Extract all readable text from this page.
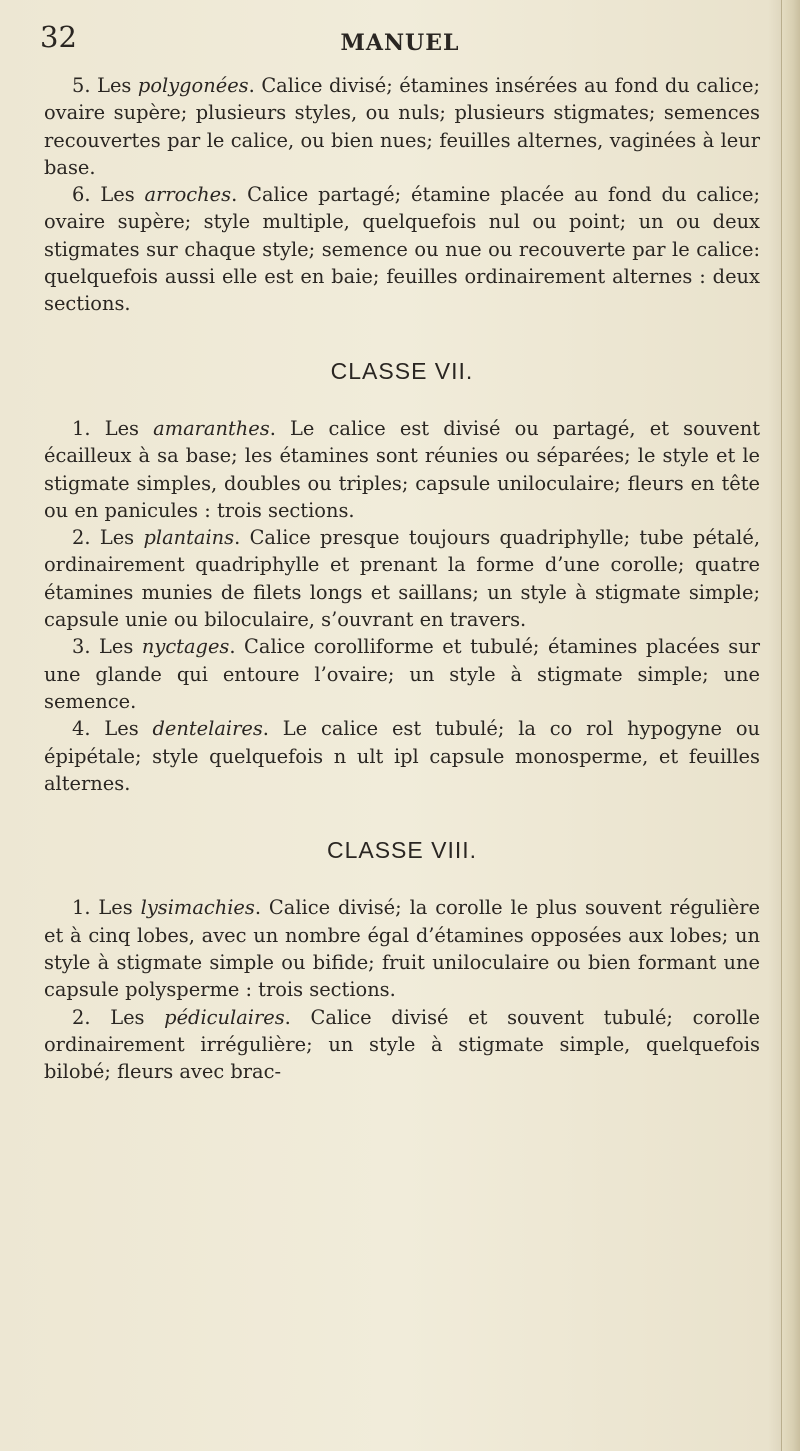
32	MANUEL

5. Les polygonées. Calice divisé; étamines insérées au fond du calice; ovaire supère; plusieurs styles, ou nuls; plusieurs stigmates; semences recouvertes par le calice, ou bien nues; feuilles alternes, vaginées à leur base.

6. Les arroches. Calice partagé; étamine placée au fond du calice; ovaire supère; style multiple, quelquefois nul ou point; un ou deux stigmates sur chaque style; semence ou nue ou recouverte par le calice: quelquefois aussi elle est en baie; feuilles ordinairement alternes : deux sections.

CLASSE VII.

1. Les amaranthes. Le calice est divisé ou partagé, et souvent écailleux à sa base; les étamines sont réunies ou séparées; le style et le stigmate simples, doubles ou triples; capsule uniloculaire; fleurs en tête ou en panicules : trois sections.

2. Les plantains. Calice presque toujours quadriphylle; tube pétalé, ordinairement quadriphylle et prenant la forme d’une corolle; quatre étamines munies de filets longs et saillans; un style à stigmate simple; capsule unie ou biloculaire, s’ouvrant en travers.

3. Les nyctages. Calice corolliforme et tubulé; étamines placées sur une glande qui entoure l’ovaire; un style à stigmate simple; une semence.

4. Les dentelaires. Le calice est tubulé; la co rol hypogyne ou épipétale; style quelquefois n ult ipl capsule monosperme, et feuilles alternes.

CLASSE VIII.

1. Les lysimachies. Calice divisé; la corolle le plus souvent régulière et à cinq lobes, avec un nombre égal d’étamines opposées aux lobes; un style à stigmate simple ou bifide; fruit uniloculaire ou bien formant une capsule polysperme : trois sections.

2. Les pédiculaires. Calice divisé et souvent tubulé; corolle ordinairement irrégulière; un style à stigmate simple, quelquefois bilobé; fleurs avec brac-
